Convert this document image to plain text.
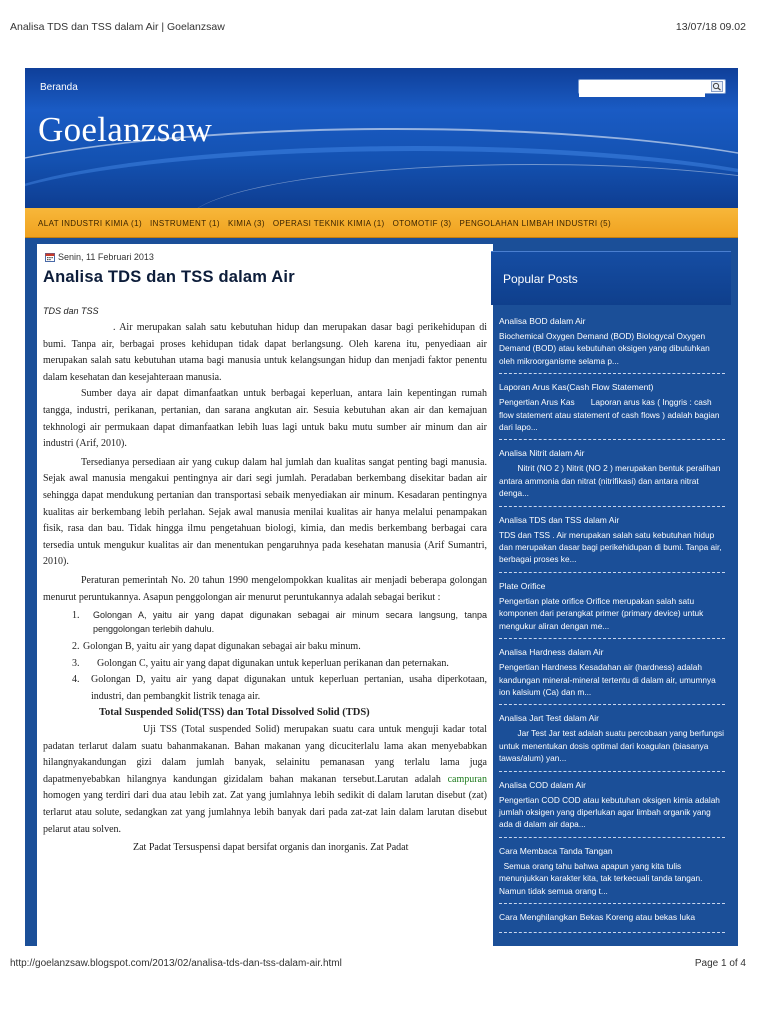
Analisa TDS dan TSS dalam Air | Goelanzsaw	13/07/18 09.02
Beranda
Goelanzsaw
ALAT INDUSTRI KIMIA (1) INSTRUMENT (1) KIMIA (3) OPERASI TEKNIK KIMIA (1) OTOMOTIF (3) PENGOLAHAN LIMBAH INDUSTRI (5)
Senin, 11 Februari 2013
Analisa TDS dan TSS dalam Air
TDS dan TSS

. Air merupakan salah satu kebutuhan hidup dan merupakan dasar bagi perikehidupan di bumi. Tanpa air, berbagai proses kehidupan tidak dapat berlangsung. Oleh karena itu, penyediaan air merupakan salah satu kebutuhan utama bagi manusia untuk kelangsungan hidup dan menjadi faktor penentu dalam kesehatan dan kesejahteraan manusia.

Sumber daya air dapat dimanfaatkan untuk berbagai keperluan, antara lain kepentingan rumah tangga, industri, perikanan, pertanian, dan sarana angkutan air. Sesuia kebutuhan akan air dan kemajuan tekhnologi air permukaan dapat dimanfaatkan lebih luas lagi untuk baku mutu sumber air minum dan air industri (Arif, 2010).

Tersedianya persediaan air yang cukup dalam hal jumlah dan kualitas sangat penting bagi manusia. Sejak awal manusia mengakui pentingnya air dari segi jumlah. Peradaban berkembang disekitar badan air sehingga dapat mendukung pertanian dan transportasi sebaik menyediakan air minum. Kesadaran pentingnya kualitas air berkembang lebih perlahan. Sejak awal manusia menilai kualitas air hanya melalui penampakan fisik, rasa dan bau. Tidak hingga ilmu pengetahuan biologi, kimia, dan medis berkembang berbagai cara tersedia untuk mengukur kualitas air dan menentukan pengaruhnya pada kesehatan manusia (Arif Sumantri, 2010).

Peraturan pemerintah No. 20 tahun 1990 mengelompokkan kualitas air menjadi beberapa golongan menurut peruntukannya. Asapun penggolongan air menurut peruntukannya adalah sebagai berikut :

1.	Golongan A, yaitu air yang dapat digunakan sebagai air minum secara langsung, tanpa penggolongan terlebih dahulu.
2. Golongan B, yaitu air yang dapat digunakan sebagai air baku minum.
3.	Golongan C, yaitu air yang dapat digunakan untuk keperluan perikanan dan peternakan.
4.	Golongan D, yaitu air yang dapat digunakan untuk keperluan pertanian, usaha diperkotaan, industri, dan pembangkit listrik tenaga air.
Total Suspended Solid(TSS) dan Total Dissolved Solid (TDS)

Uji TSS (Total suspended Solid) merupakan suatu cara untuk menguji kadar total padatan terlarut dalam suatu bahanmakanan. Bahan makanan yang dicuciterlalu lama akan menyebabkan hilangnyakandungan gizi dalam jumlah banyak, selainitu pemanasan yang terlalu lama juga dapatmenyebabkan hilangnya kandungan gizidalam bahan makanan tersebut.Larutan adalah campuran homogen yang terdiri dari dua atau lebih zat. Zat yang jumlahnya lebih sedikit di dalam larutan disebut (zat) terlarut atau solute, sedangkan zat yang jumlahnya lebih banyak dari pada zat-zat lain dalam larutan disebut pelarut atau solven.

Zat Padat Tersuspensi dapat bersifat organis dan inorganis. Zat Padat

Popular Posts
Analisa BOD dalam Air
Biochemical Oxygen Demand (BOD) Biologycal Oxygen Demand (BOD) atau kebutuhan oksigen yang dibutuhkan oleh mikroorganisme selama p...
Laporan Arus Kas(Cash Flow Statement)
Pengertian Arus Kas       Laporan arus kas ( Inggris : cash flow statement atau statement of cash flows ) adalah bagian dari lapo...
Analisa Nitrit dalam Air
Nitrit (NO 2 ) Nitrit (NO 2 ) merupakan bentuk peralihan antara ammonia dan nitrat (nitrifikasi) dan antara nitrat denga...
Analisa TDS dan TSS dalam Air
TDS dan TSS . Air merupakan salah satu kebutuhan hidup dan merupakan dasar bagi perikehidupan di bumi. Tanpa air, berbagai proses ke...
Plate Orifice
Pengertian plate orifice Orifice merupakan salah satu komponen dari perangkat primer (primary device) untuk mengukur aliran dengan me...
Analisa Hardness dalam Air
Pengertian Hardness Kesadahan air (hardness) adalah kandungan mineral-mineral tertentu di dalam air, umumnya ion kalsium (Ca) dan m...
Analisa Jart Test dalam Air
Jar Test Jar test adalah suatu percobaan yang berfungsi untuk menentukan dosis optimal dari koagulan (biasanya tawas/alum) yan...
Analisa COD dalam Air
Pengertian COD COD atau kebutuhan oksigen kimia adalah jumlah oksigen yang diperlukan agar limbah organik yang ada di dalam air dapa...
Cara Membaca Tanda Tangan
Semua orang tahu bahwa apapun yang kita tulis menunjukkan karakter kita, tak terkecuali tanda tangan. Namun tidak semua orang t...
Cara Menghilangkan Bekas Koreng atau bekas luka
http://goelanzsaw.blogspot.com/2013/02/analisa-tds-dan-tss-dalam-air.html	Page 1 of 4
